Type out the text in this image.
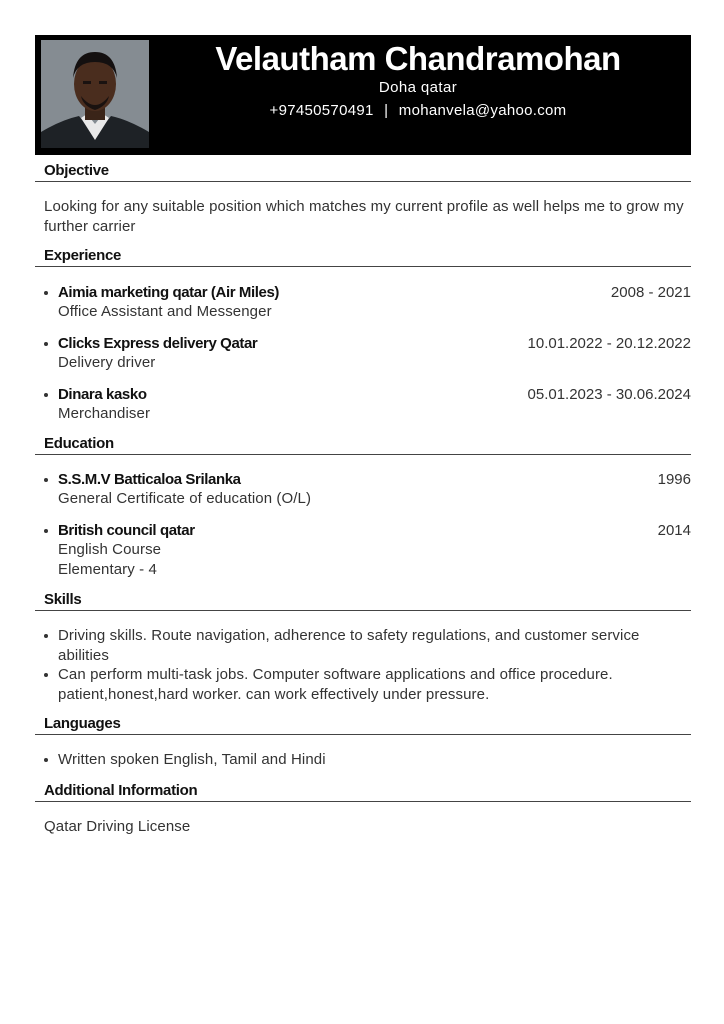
Velautham Chandramohan
Doha qatar
+97450570491 | mohanvela@yahoo.com
Objective
Looking for any suitable position which matches my current profile as well helps me to grow my further carrier
Experience
Aimia marketing qatar (Air Miles)	2008 - 2021
Office Assistant and Messenger
Clicks Express delivery Qatar	10.01.2022 - 20.12.2022
Delivery driver
Dinara kasko	05.01.2023 - 30.06.2024
Merchandiser
Education
S.S.M.V Batticaloa Srilanka	1996
General Certificate of education (O/L)
British council qatar	2014
English Course
Elementary - 4
Skills
Driving skills. Route navigation, adherence to safety regulations, and customer service abilities
Can perform multi-task jobs. Computer software applications and office procedure. patient,honest,hard worker. can work effectively under pressure.
Languages
Written spoken English, Tamil and Hindi
Additional Information
Qatar Driving License
